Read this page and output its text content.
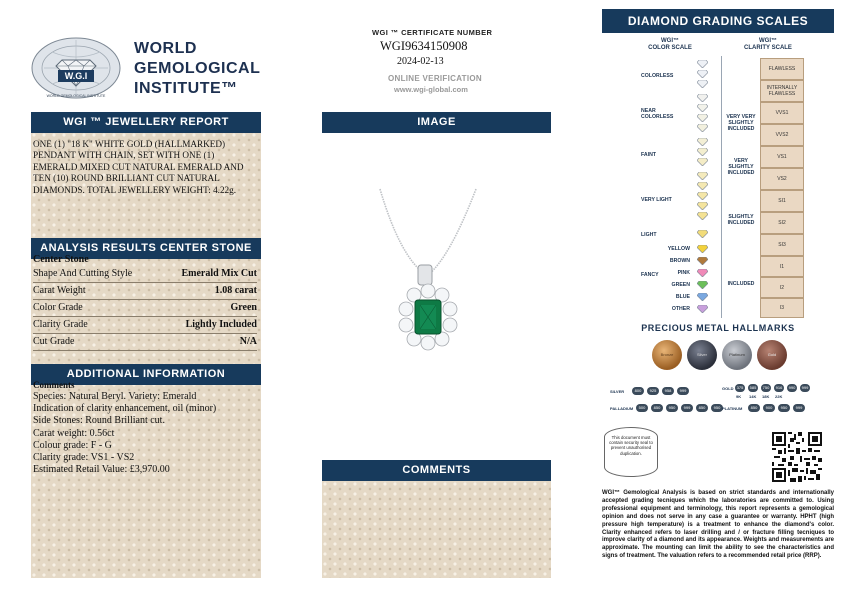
W.G.I
WORLD
GEMOLOGICAL
INSTITUTE™
WORLD GEMOLOGICAL INSTITUTE
WGI ™ JEWELLERY REPORT
ONE (1) "18 K" WHITE GOLD (HALLMARKED) PENDANT WITH CHAIN, SET WITH ONE (1) EMERALD MIXED CUT NATURAL EMERALD AND TEN (10) ROUND BRILLIANT CUT NATURAL DIAMONDS. TOTAL JEWELLERY WEIGHT: 4.22g.
ANALYSIS RESULTS CENTER STONE
Center Stone
Shape And Cutting Style	Emerald Mix Cut
Carat Weight	1.08 carat
Color Grade	Green
Clarity Grade	Lightly Included
Cut Grade	N/A
ADDITIONAL INFORMATION
Comments
Species: Natural Beryl. Variety: Emerald
Indication of clarity enhancement, oil (minor)
Side Stones: Round Brilliant cut.
Carat weight: 0.56ct
Colour grade: F - G
Clarity grade: VS1 - VS2
Estimated Retail Value: £3,970.00
WGI ™ CERTIFICATE NUMBER
WGI9634150908
2024-02-13
ONLINE VERIFICATION
www.wgi-global.com
IMAGE
COMMENTS
DIAMOND GRADING SCALES
WGI™
COLOR SCALE
WGI™
CLARITY SCALE
COLORLESS
NEAR COLORLESS
FAINT
VERY LIGHT
LIGHT
FANCY
YELLOW
BROWN
PINK
GREEN
BLUE
OTHER
VERY VERY SLIGHTLY INCLUDED
VERY SLIGHTLY INCLUDED
SLIGHTLY INCLUDED
INCLUDED
FLAWLESS
INTERNALLY FLAWLESS
VVS1
VVS2
VS1
VS2
SI1
SI2
SI3
I1
I2
I3
PRECIOUS METAL HALLMARKS
Bronze	Silver	Platinum	Gold
SILVER	800	925	958	999	GOLD 375	585	750	916	990	999
9K 14K 18K 22K
PALLADIUM	500	850	950	999	850	950 PLATINUM	850	900	950	999
This document must contain security seal to prevent unauthorised duplication.
WGI™ Gemological Analysis is based on strict standards and internationally accepted grading tecniques which the laboratories are committed to. Using professional equipment and terminology, this report represents a gemological opinion and does not serve in any case a guarantee or warranty. HPHT (high pressure high temperature) is a treatment to enhance the diamond's color. Clarity enhanced refers to laser drilling and / or fracture filling tecniques to improve clarity of a diamond and its appearance. Weights and measurements are approximate. The mounting can limit the ability to see the characteristics and signs of treatment. The valuation refers to a recommended retail price (RRP).
